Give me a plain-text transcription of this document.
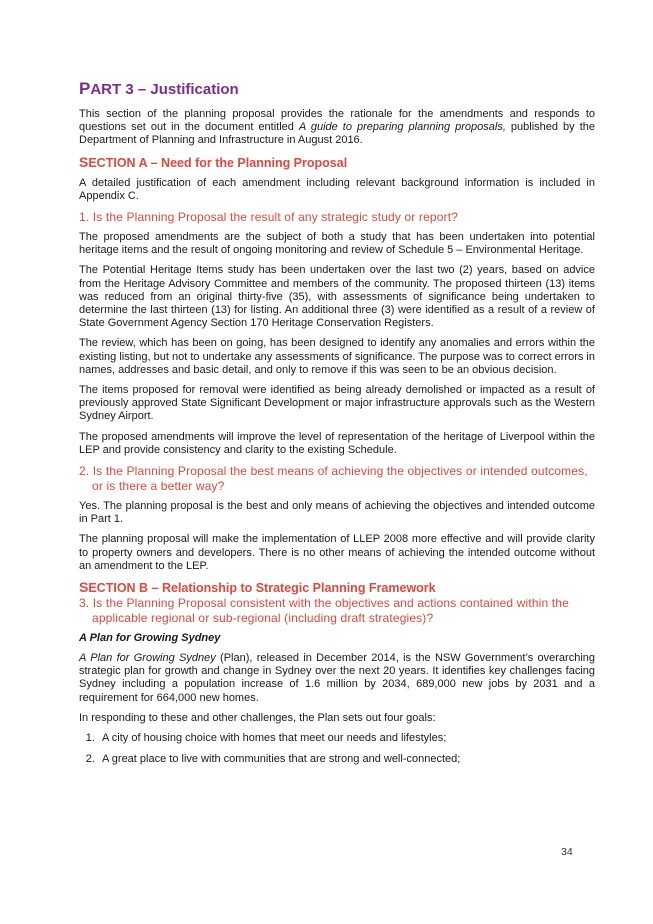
PART 3 – Justification

This section of the planning proposal provides the rationale for the amendments and responds to questions set out in the document entitled A guide to preparing planning proposals, published by the Department of Planning and Infrastructure in August 2016.

SECTION A – Need for the Planning Proposal

A detailed justification of each amendment including relevant background information is included in Appendix C.

1. Is the Planning Proposal the result of any strategic study or report?

The proposed amendments are the subject of both a study that has been undertaken into potential heritage items and the result of ongoing monitoring and review of Schedule 5 – Environmental Heritage.

The Potential Heritage Items study has been undertaken over the last two (2) years, based on advice from the Heritage Advisory Committee and members of the community. The proposed thirteen (13) items was reduced from an original thirty-five (35), with assessments of significance being undertaken to determine the last thirteen (13) for listing. An additional three (3) were identified as a result of a review of State Government Agency Section 170 Heritage Conservation Registers.

The review, which has been on going, has been designed to identify any anomalies and errors within the existing listing, but not to undertake any assessments of significance. The purpose was to correct errors in names, addresses and basic detail, and only to remove if this was seen to be an obvious decision.

The items proposed for removal were identified as being already demolished or impacted as a result of previously approved State Significant Development or major infrastructure approvals such as the Western Sydney Airport.

The proposed amendments will improve the level of representation of the heritage of Liverpool within the LEP and provide consistency and clarity to the existing Schedule.

2. Is the Planning Proposal the best means of achieving the objectives or intended outcomes, or is there a better way?

Yes. The planning proposal is the best and only means of achieving the objectives and intended outcome in Part 1.

The planning proposal will make the implementation of LLEP 2008 more effective and will provide clarity to property owners and developers. There is no other means of achieving the intended outcome without an amendment to the LEP.

SECTION B – Relationship to Strategic Planning Framework
3. Is the Planning Proposal consistent with the objectives and actions contained within the applicable regional or sub-regional (including draft strategies)?
A Plan for Growing Sydney

A Plan for Growing Sydney (Plan), released in December 2014, is the NSW Government’s overarching strategic plan for growth and change in Sydney over the next 20 years. It identifies key challenges facing Sydney including a population increase of 1.6 million by 2034, 689,000 new jobs by 2031 and a requirement for 664,000 new homes.

In responding to these and other challenges, the Plan sets out four goals:

1. A city of housing choice with homes that meet our needs and lifestyles;
2. A great place to live with communities that are strong and well-connected;
34
